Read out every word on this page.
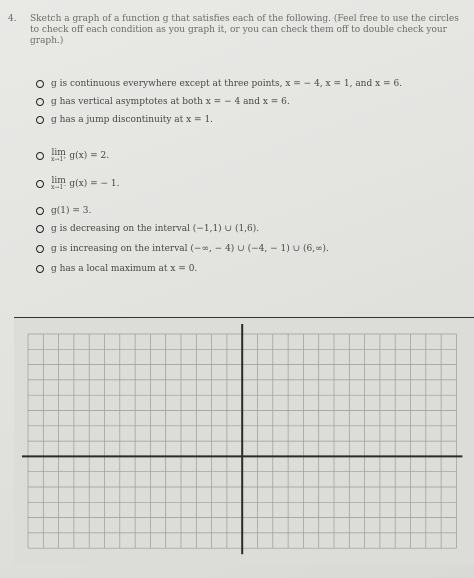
4. Sketch a graph of a function g that satisfies each of the following. (Feel free to use the circles to check off each condition as you graph it, or you can check them off to double check your graph.)
g is continuous everywhere except at three points, x = − 4, x = 1, and x = 6.
g has vertical asymptotes at both x = − 4 and x = 6.
g has a jump discontinuity at x = 1.
lim
x→1⁺ g(x) = 2.
lim
x→1⁻ g(x) = − 1.
g(1) = 3.
g is decreasing on the interval (−1,1) ∪ (1,6).
g is increasing on the interval (−∞, − 4) ∪ (−4, − 1) ∪ (6,∞).
g has a local maximum at x = 0.
